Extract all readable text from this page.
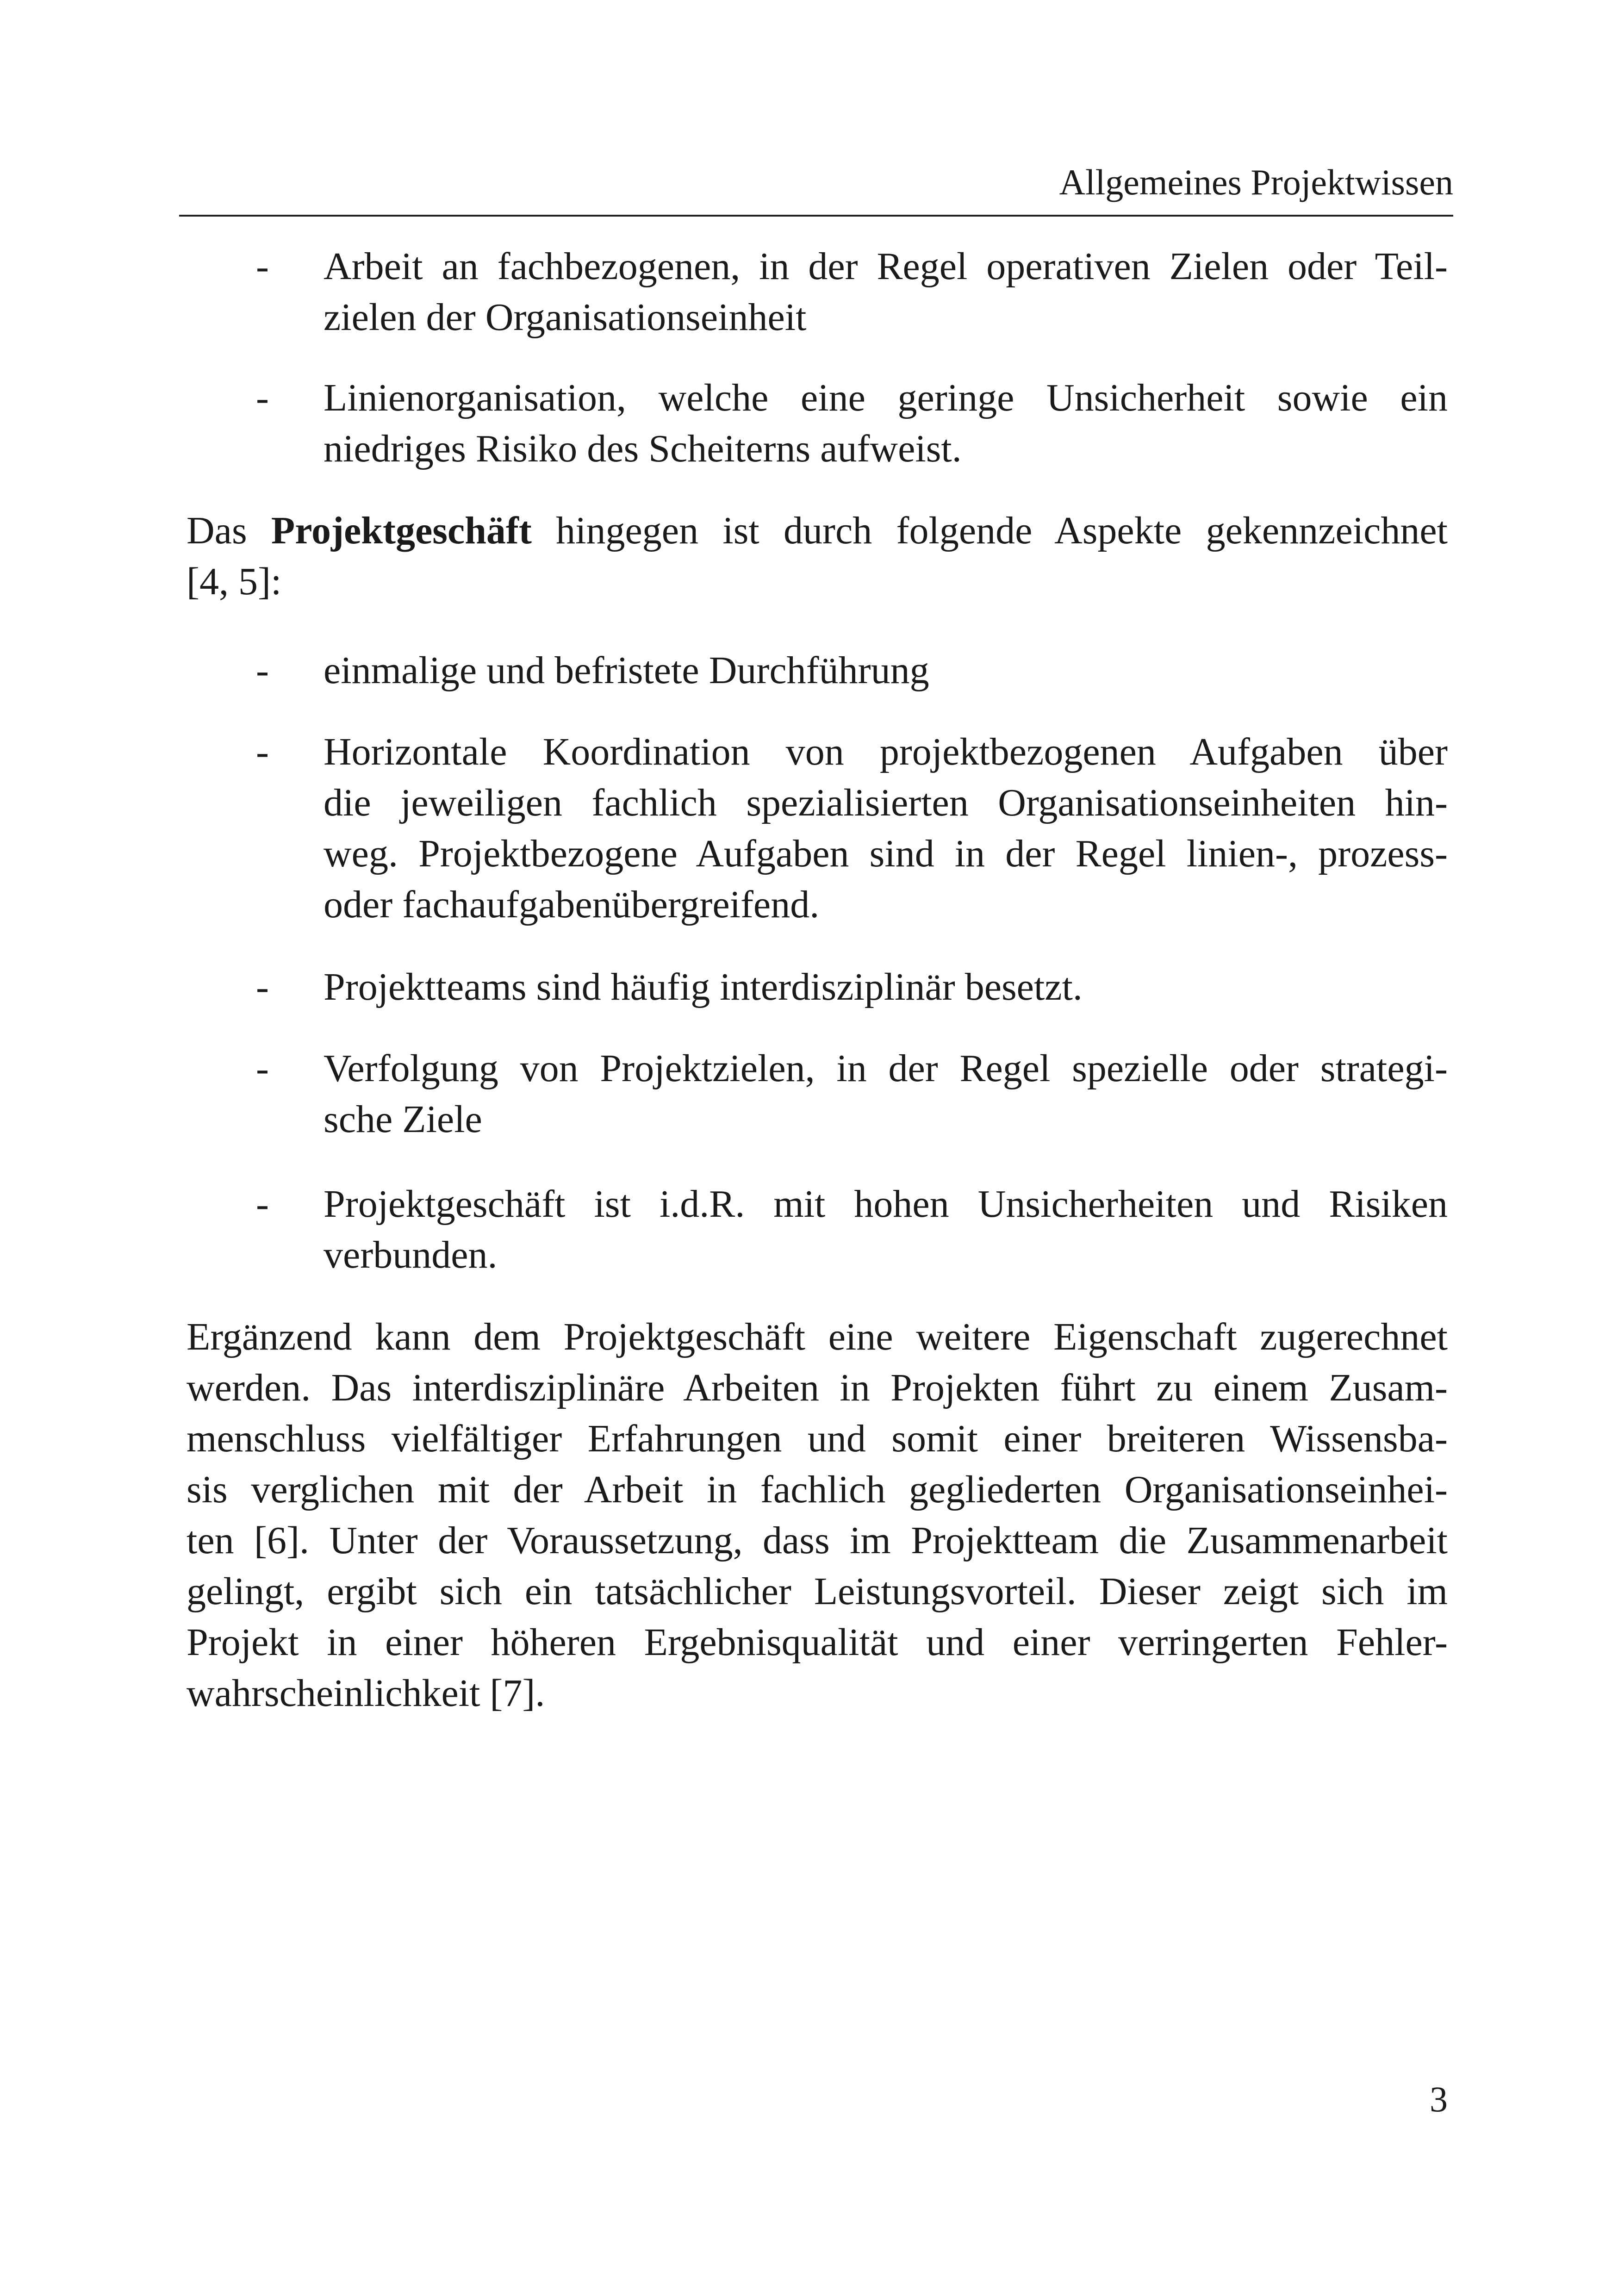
Allgemeines Projektwissen
- Arbeit an fachbezogenen, in der Regel operativen Zielen oder Teil-
zielen der Organisationseinheit
- Linienorganisation, welche eine geringe Unsicherheit sowie ein
niedriges Risiko des Scheiterns aufweist.
Das Projektgeschäft hingegen ist durch folgende Aspekte gekennzeichnet
[4, 5]:
- einmalige und befristete Durchführung
- Horizontale Koordination von projektbezogenen Aufgaben über
die jeweiligen fachlich spezialisierten Organisationseinheiten hin-
weg. Projektbezogene Aufgaben sind in der Regel linien-, prozess-
oder fachaufgabenübergreifend.
- Projektteams sind häufig interdisziplinär besetzt.
- Verfolgung von Projektzielen, in der Regel spezielle oder strategi-
sche Ziele
- Projektgeschäft ist i.d.R. mit hohen Unsicherheiten und Risiken
verbunden.
Ergänzend kann dem Projektgeschäft eine weitere Eigenschaft zugerechnet
werden. Das interdisziplinäre Arbeiten in Projekten führt zu einem Zusam-
menschluss vielfältiger Erfahrungen und somit einer breiteren Wissensba-
sis verglichen mit der Arbeit in fachlich gegliederten Organisationseinhei-
ten [6]. Unter der Voraussetzung, dass im Projektteam die Zusammenarbeit
gelingt, ergibt sich ein tatsächlicher Leistungsvorteil. Dieser zeigt sich im
Projekt in einer höheren Ergebnisqualität und einer verringerten Fehler-
wahrscheinlichkeit [7].
3
